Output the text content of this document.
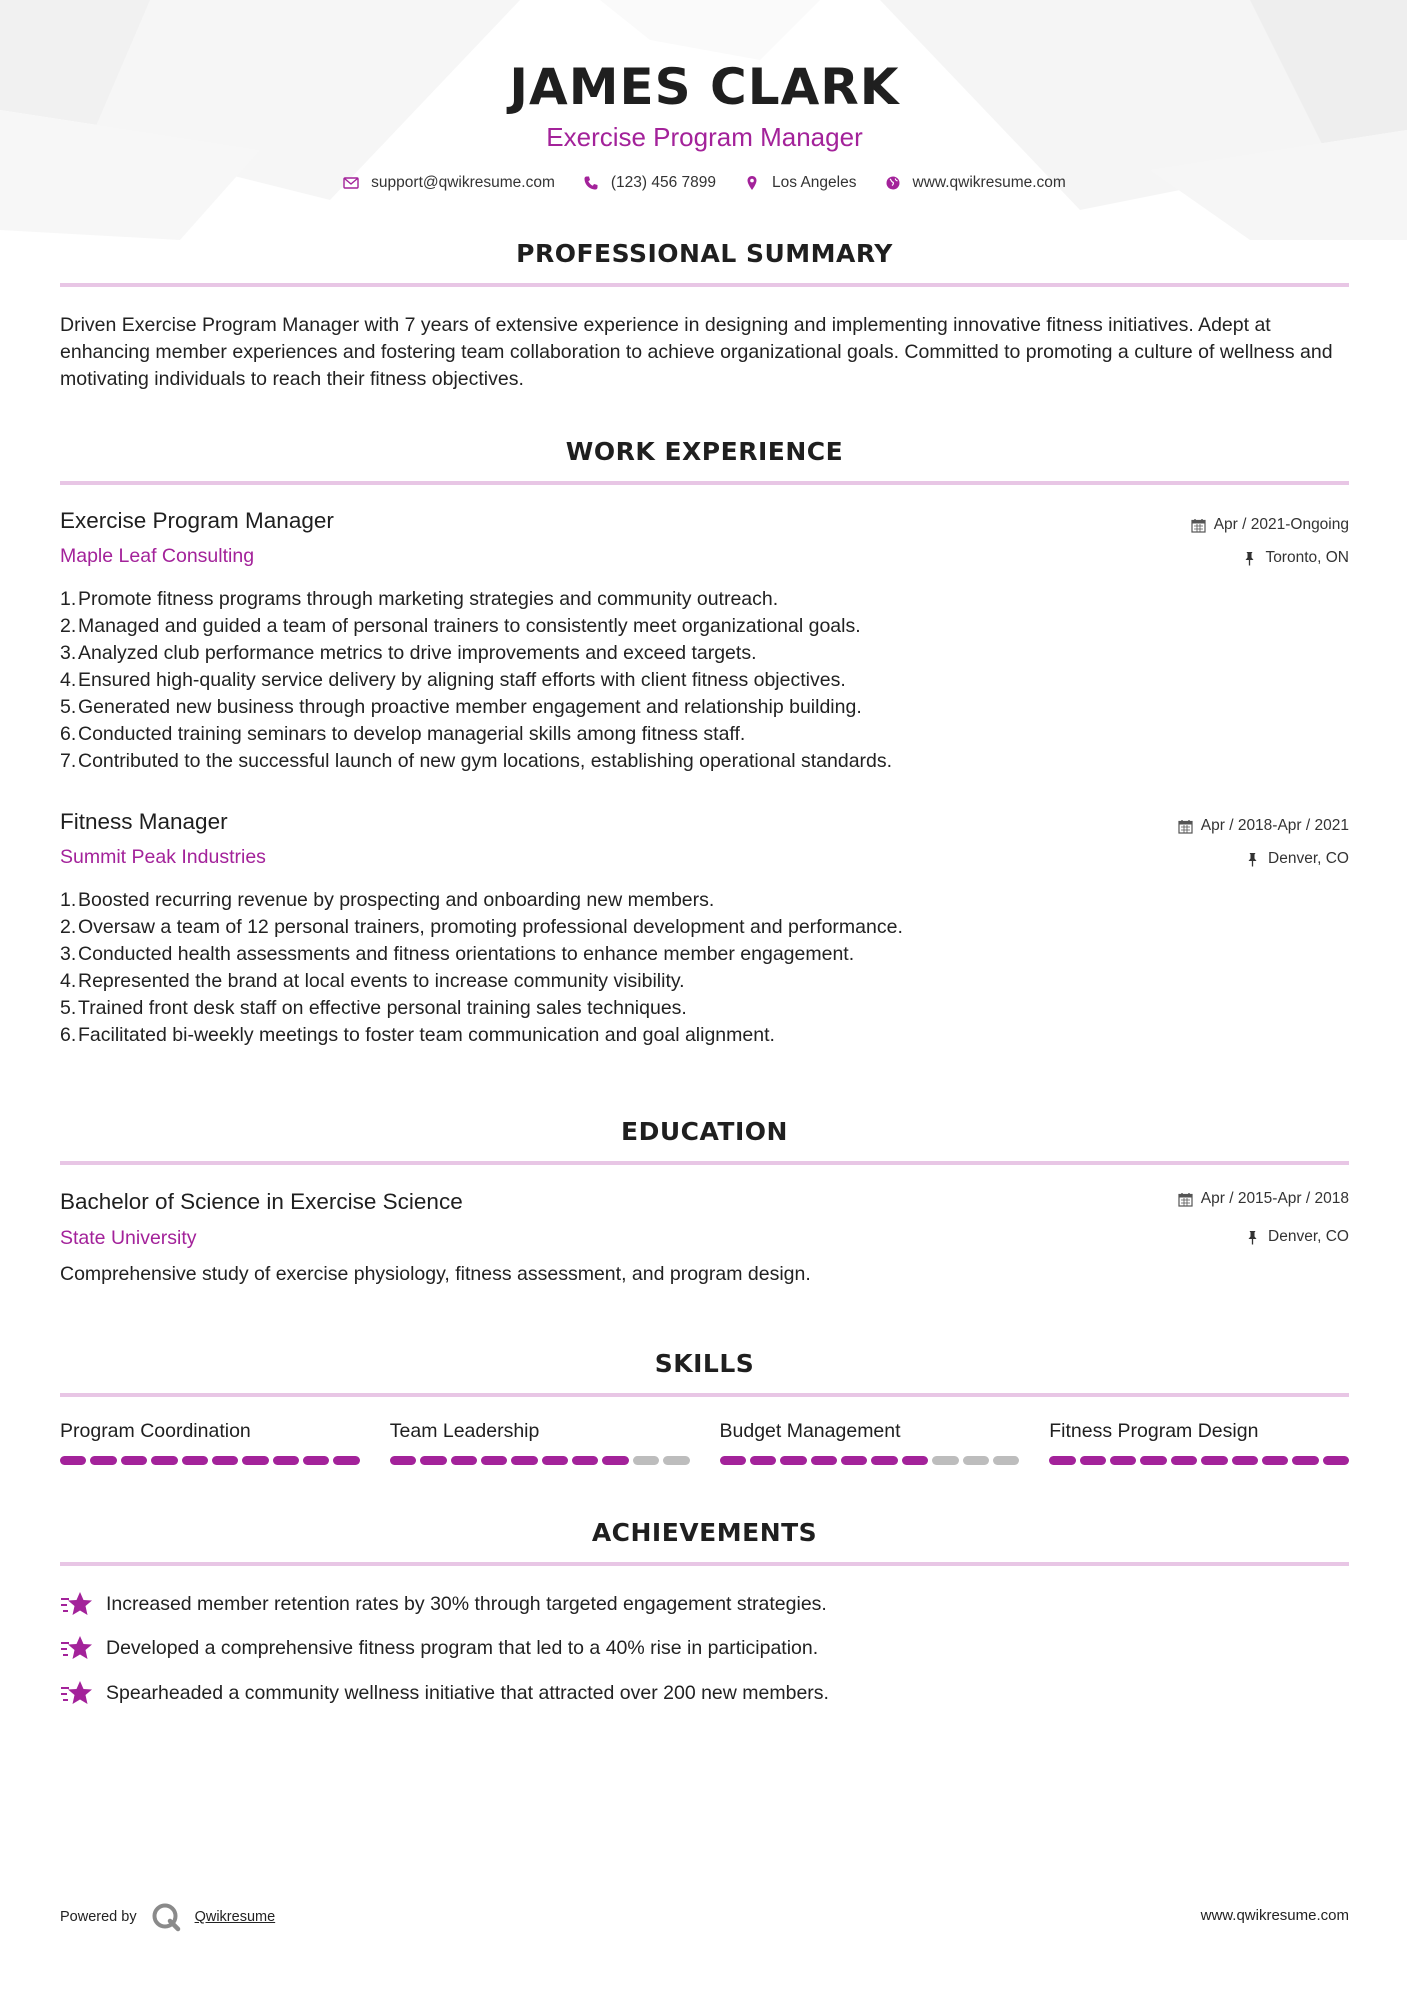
JAMES CLARK
Exercise Program Manager
support@qwikresume.com	(123) 456 7899	Los Angeles	www.qwikresume.com
PROFESSIONAL SUMMARY
Driven Exercise Program Manager with 7 years of extensive experience in designing and implementing innovative fitness initiatives. Adept at enhancing member experiences and fostering team collaboration to achieve organizational goals. Committed to promoting a culture of wellness and motivating individuals to reach their fitness objectives.
WORK EXPERIENCE
Exercise Program Manager
Maple Leaf Consulting
Apr / 2021-Ongoing
Toronto, ON
1. Promote fitness programs through marketing strategies and community outreach.
2. Managed and guided a team of personal trainers to consistently meet organizational goals.
3. Analyzed club performance metrics to drive improvements and exceed targets.
4. Ensured high-quality service delivery by aligning staff efforts with client fitness objectives.
5. Generated new business through proactive member engagement and relationship building.
6. Conducted training seminars to develop managerial skills among fitness staff.
7. Contributed to the successful launch of new gym locations, establishing operational standards.
Fitness Manager
Summit Peak Industries
Apr / 2018-Apr / 2021
Denver, CO
1. Boosted recurring revenue by prospecting and onboarding new members.
2. Oversaw a team of 12 personal trainers, promoting professional development and performance.
3. Conducted health assessments and fitness orientations to enhance member engagement.
4. Represented the brand at local events to increase community visibility.
5. Trained front desk staff on effective personal training sales techniques.
6. Facilitated bi-weekly meetings to foster team communication and goal alignment.
EDUCATION
Bachelor of Science in Exercise Science
State University
Apr / 2015-Apr / 2018
Denver, CO
Comprehensive study of exercise physiology, fitness assessment, and program design.
SKILLS
Program Coordination	Team Leadership	Budget Management	Fitness Program Design
ACHIEVEMENTS
Increased member retention rates by 30% through targeted engagement strategies.
Developed a comprehensive fitness program that led to a 40% rise in participation.
Spearheaded a community wellness initiative that attracted over 200 new members.
Powered by	Qwikresume	www.qwikresume.com
